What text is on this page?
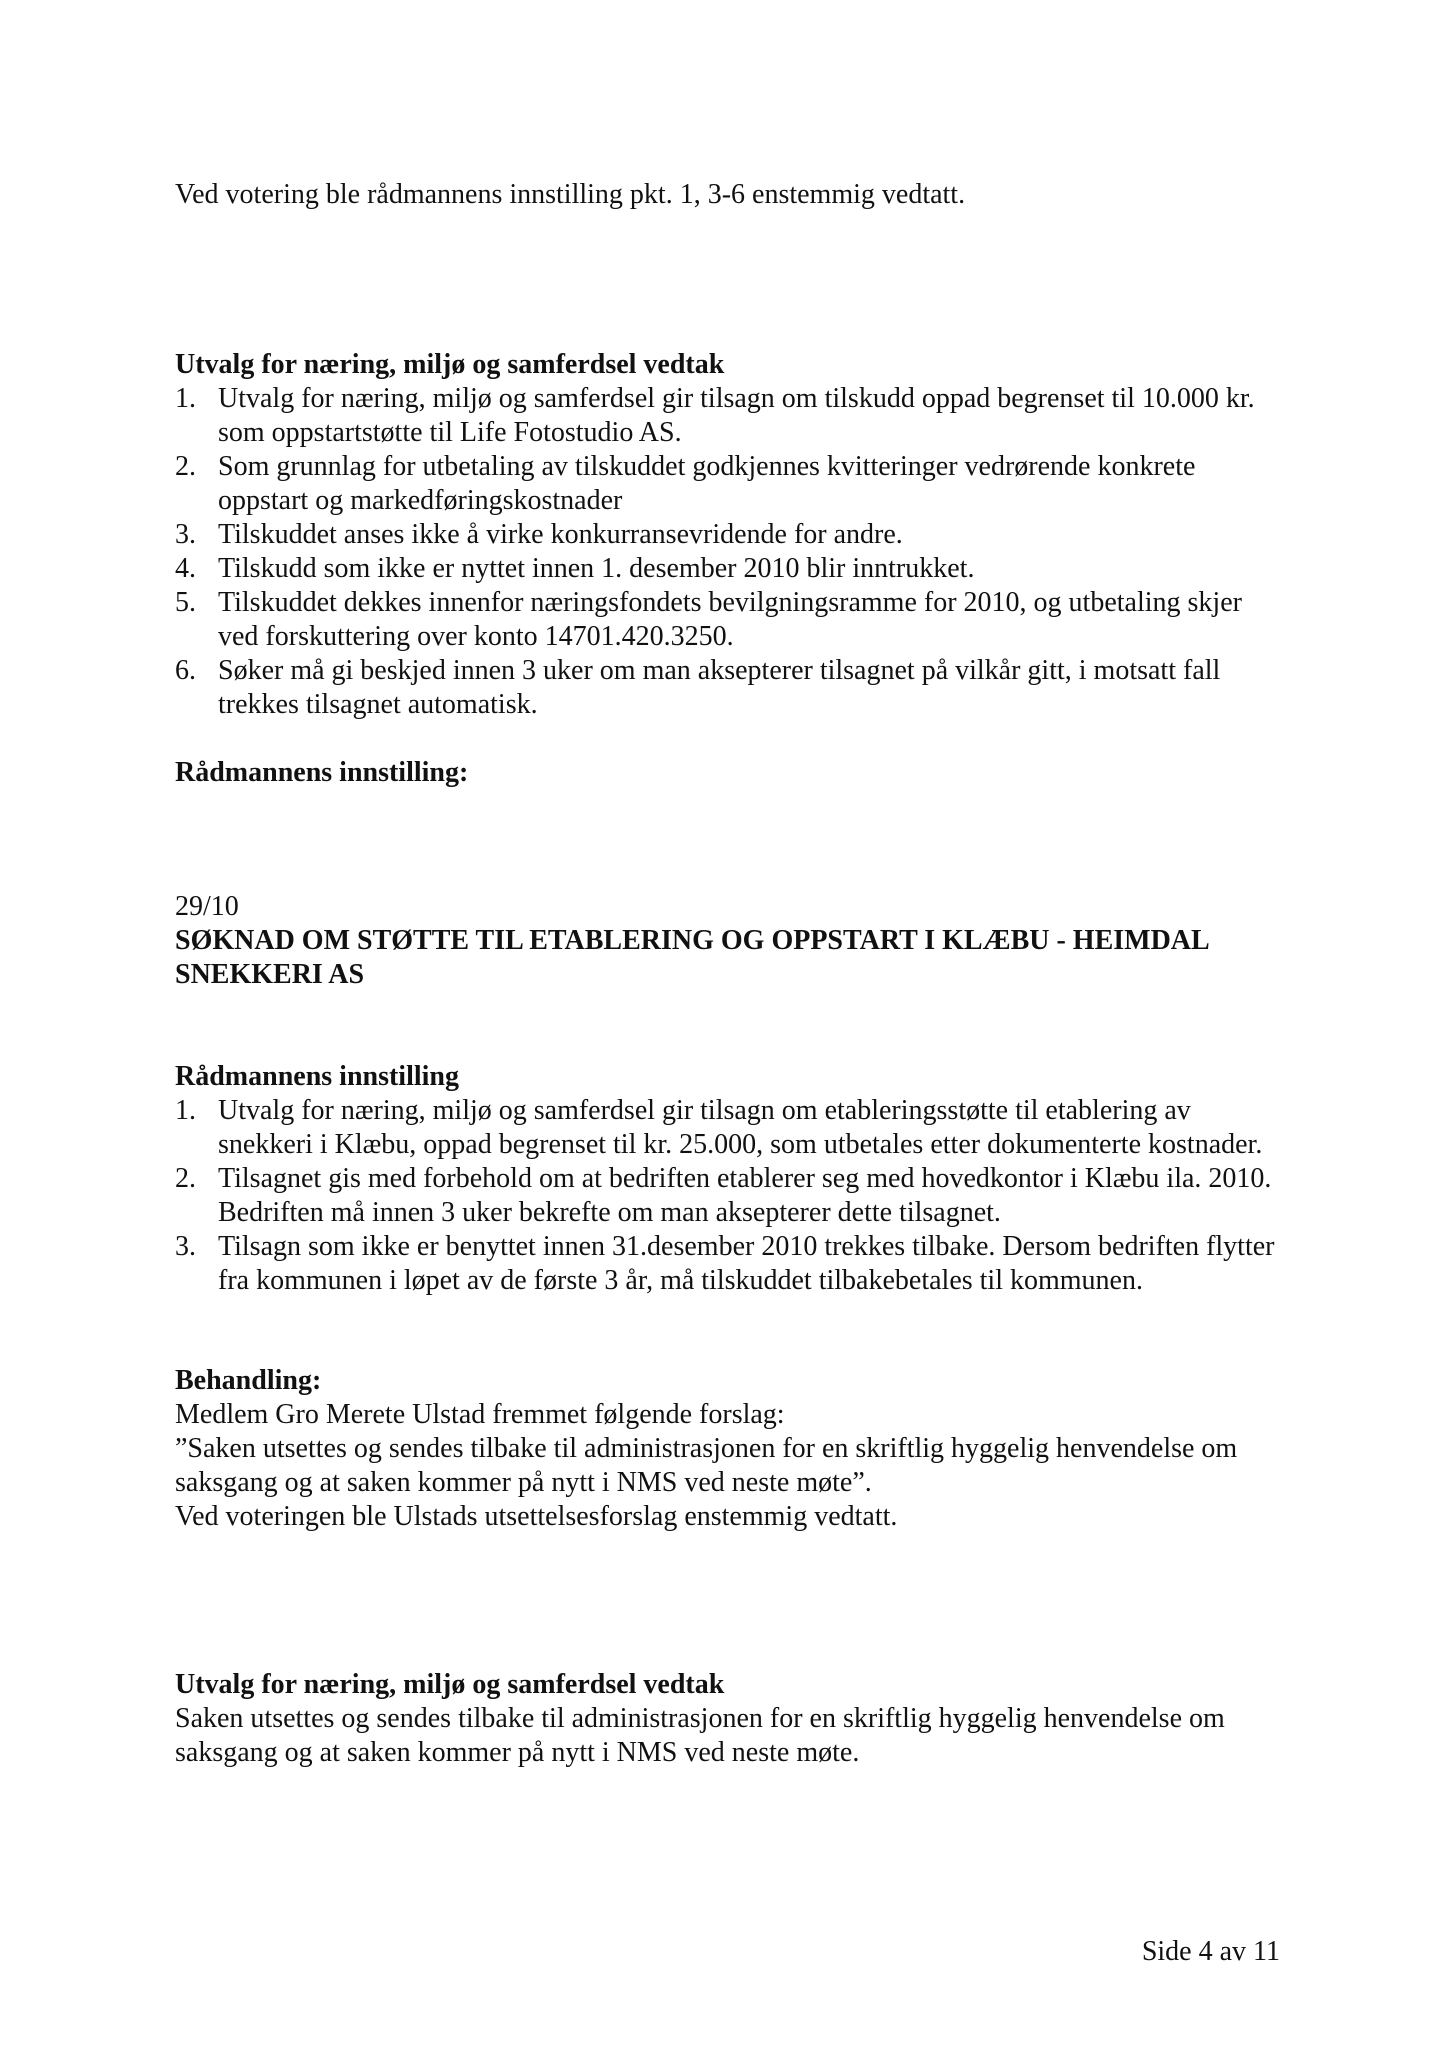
Ved votering ble rådmannens innstilling pkt. 1, 3-6 enstemmig vedtatt.

Utvalg for næring, miljø og samferdsel vedtak

1. Utvalg for næring, miljø og samferdsel gir tilsagn om tilskudd oppad begrenset til 10.000 kr. som oppstartstøtte til Life Fotostudio AS.
2. Som grunnlag for utbetaling av tilskuddet godkjennes kvitteringer vedrørende konkrete oppstart og markedføringskostnader
3. Tilskuddet anses ikke å virke konkurransevridende for andre.
4. Tilskudd som ikke er nyttet innen 1. desember 2010 blir inntrukket.
5. Tilskuddet dekkes innenfor næringsfondets bevilgningsramme for 2010, og utbetaling skjer ved forskuttering over konto 14701.420.3250.
6. Søker må gi beskjed innen 3 uker om man aksepterer tilsagnet på vilkår gitt, i motsatt fall trekkes tilsagnet automatisk.

Rådmannens innstilling:

29/10

SØKNAD OM STØTTE TIL ETABLERING OG OPPSTART I KLÆBU - HEIMDAL SNEKKERI AS

Rådmannens innstilling

1. Utvalg for næring, miljø og samferdsel gir tilsagn om etableringsstøtte til etablering av snekkeri i Klæbu, oppad begrenset til kr. 25.000, som utbetales etter dokumenterte kostnader.
2. Tilsagnet gis med forbehold om at bedriften etablerer seg med hovedkontor i Klæbu ila. 2010. Bedriften må innen 3 uker bekrefte om man aksepterer dette tilsagnet.
3. Tilsagn som ikke er benyttet innen 31.desember 2010 trekkes tilbake. Dersom bedriften flytter fra kommunen i løpet av de første 3 år, må tilskuddet tilbakebetales til kommunen.

Behandling:

Medlem Gro Merete Ulstad fremmet følgende forslag:

”Saken utsettes og sendes tilbake til administrasjonen for en skriftlig hyggelig henvendelse om saksgang og at saken kommer på nytt i NMS ved neste møte”.

Ved voteringen ble Ulstads utsettelsesforslag enstemmig vedtatt.

Utvalg for næring, miljø og samferdsel vedtak

Saken utsettes og sendes tilbake til administrasjonen for en skriftlig hyggelig henvendelse om saksgang og at saken kommer på nytt i NMS ved neste møte.

Side 4 av 11
